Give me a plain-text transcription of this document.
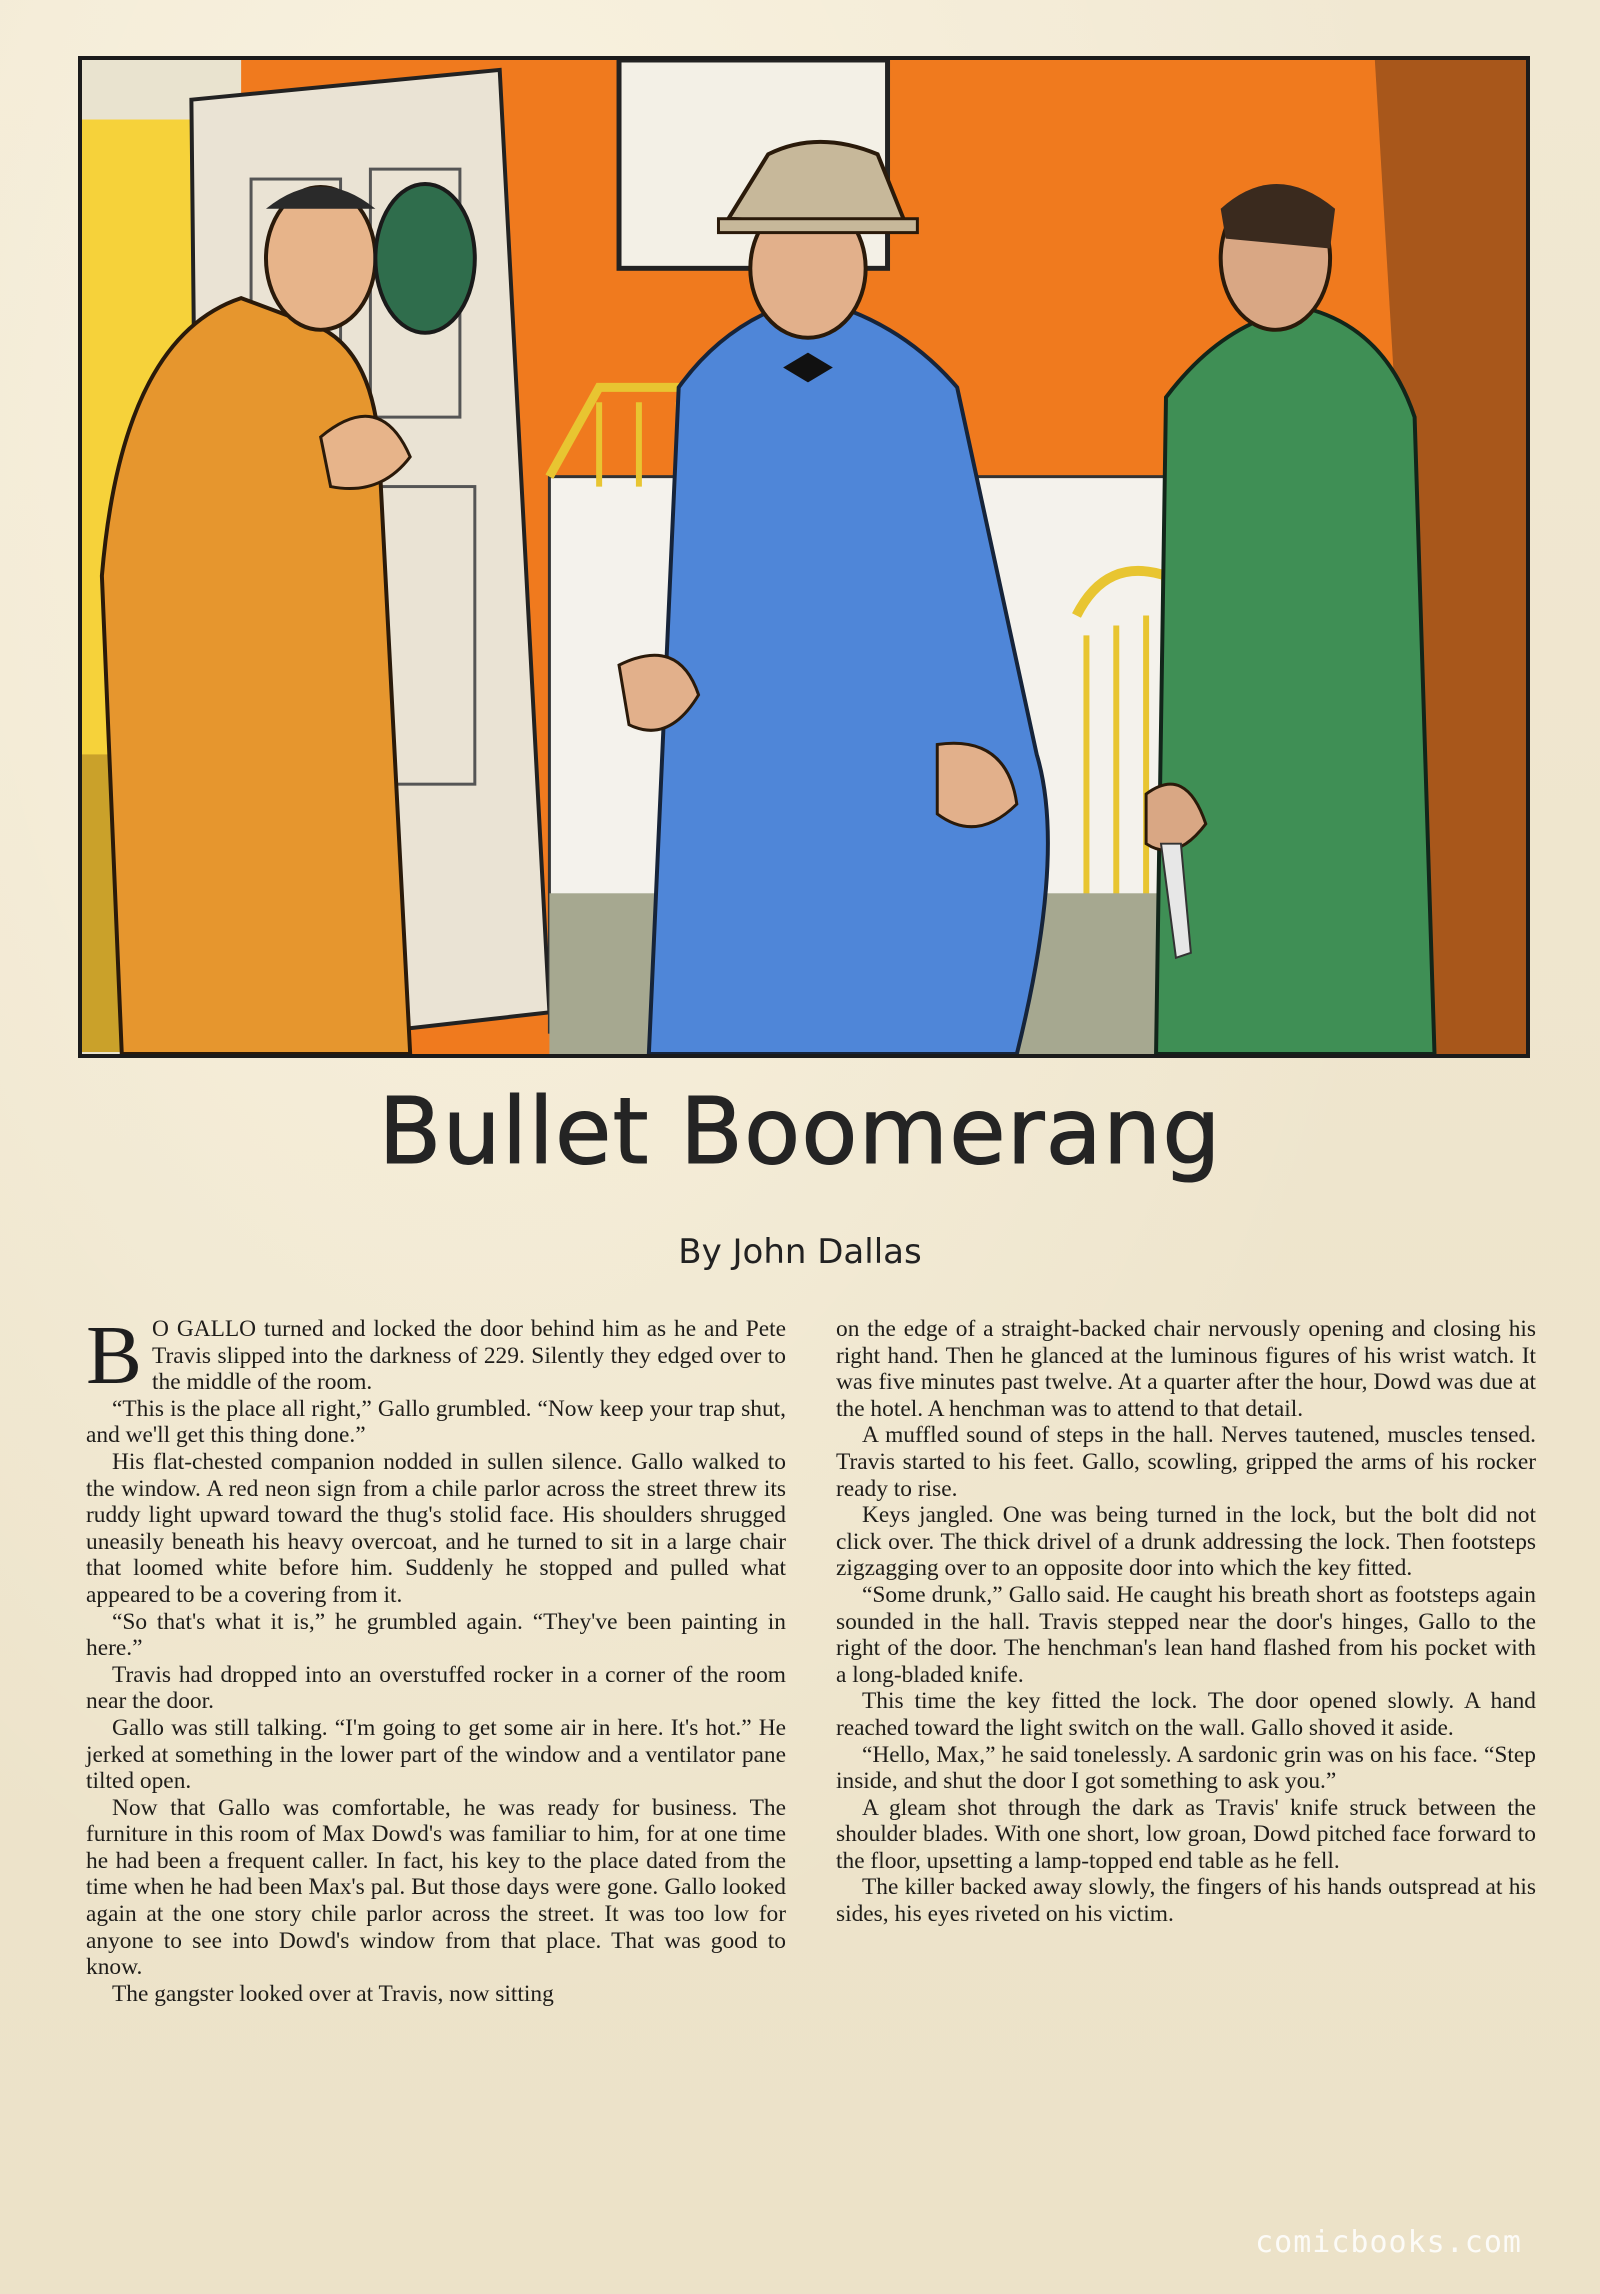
Bullet Boomerang
By John Dallas

B O GALLO turned and locked the door behind him as he and Pete Travis slipped into the darkness of 229. Silently they edged over to the middle of the room.

“This is the place all right,” Gallo grumbled. “Now keep your trap shut, and we'll get this thing done.”

His flat-chested companion nodded in sullen silence. Gallo walked to the window. A red neon sign from a chile parlor across the street threw its ruddy light upward toward the thug's stolid face. His shoulders shrugged uneasily beneath his heavy overcoat, and he turned to sit in a large chair that loomed white before him. Suddenly he stopped and pulled what appeared to be a covering from it.

“So that's what it is,” he grumbled again. “They've been painting in here.”

Travis had dropped into an overstuffed rocker in a corner of the room near the door.

Gallo was still talking. “I'm going to get some air in here. It's hot.” He jerked at something in the lower part of the window and a ventilator pane tilted open.

Now that Gallo was comfortable, he was ready for business. The furniture in this room of Max Dowd's was familiar to him, for at one time he had been a frequent caller. In fact, his key to the place dated from the time when he had been Max's pal. But those days were gone. Gallo looked again at the one story chile parlor across the street. It was too low for anyone to see into Dowd's window from that place. That was good to know.

The gangster looked over at Travis, now sitting

on the edge of a straight-backed chair nervously opening and closing his right hand. Then he glanced at the luminous figures of his wrist watch. It was five minutes past twelve. At a quarter after the hour, Dowd was due at the hotel. A henchman was to attend to that detail.

A muffled sound of steps in the hall. Nerves tautened, muscles tensed. Travis started to his feet. Gallo, scowling, gripped the arms of his rocker ready to rise.

Keys jangled. One was being turned in the lock, but the bolt did not click over. The thick drivel of a drunk addressing the lock. Then footsteps zigzagging over to an opposite door into which the key fitted.

“Some drunk,” Gallo said. He caught his breath short as footsteps again sounded in the hall. Travis stepped near the door's hinges, Gallo to the right of the door. The henchman's lean hand flashed from his pocket with a long-bladed knife.

This time the key fitted the lock. The door opened slowly. A hand reached toward the light switch on the wall. Gallo shoved it aside.

“Hello, Max,” he said tonelessly. A sardonic grin was on his face. “Step inside, and shut the door I got something to ask you.”

A gleam shot through the dark as Travis' knife struck between the shoulder blades. With one short, low groan, Dowd pitched face forward to the floor, upsetting a lamp-topped end table as he fell.

The killer backed away slowly, the fingers of his hands outspread at his sides, his eyes riveted on his victim.

comicbooks.com
